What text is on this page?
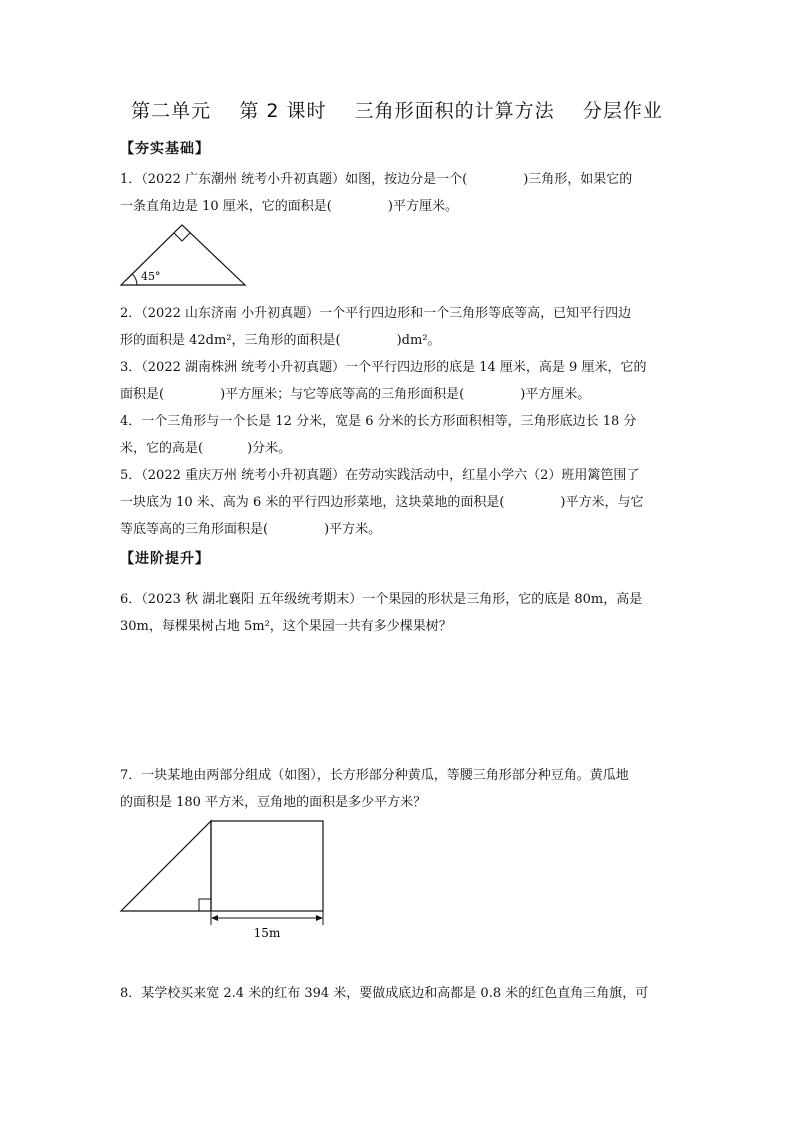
第二单元    第 2 课时    三角形面积的计算方法    分层作业
【夯实基础】
1．（2022 广东潮州 统考小升初真题）如图，按边分是一个(	)三角形，如果它的
一条直角边是 10 厘米，它的面积是(	)平方厘米。
45°
2．（2022 山东济南 小升初真题）一个平行四边形和一个三角形等底等高，已知平行四边
形的面积是 42dm²，三角形的面积是(	)dm²。
3．（2022 湖南株洲 统考小升初真题）一个平行四边形的底是 14 厘米，高是 9 厘米，它的
面积是(	)平方厘米；与它等底等高的三角形面积是(	)平方厘米。
4．一个三角形与一个长是 12 分米，宽是 6 分米的长方形面积相等，三角形底边长 18 分
米，它的高是(	)分米。
5．（2022 重庆万州 统考小升初真题）在劳动实践活动中，红星小学六（2）班用篱笆围了
一块底为 10 米、高为 6 米的平行四边形菜地，这块菜地的面积是(	)平方米，与它
等底等高的三角形面积是(	)平方米。
【进阶提升】
6．（2023 秋 湖北襄阳 五年级统考期末）一个果园的形状是三角形，它的底是 80m，高是
30m，每棵果树占地 5m²，这个果园一共有多少棵果树？
7．一块某地由两部分组成（如图），长方形部分种黄瓜，等腰三角形部分种豆角。黄瓜地
的面积是 180 平方米，豆角地的面积是多少平方米？
15m
8．某学校买来宽 2.4 米的红布 394 米，要做成底边和高都是 0.8 米的红色直角三角旗，可
